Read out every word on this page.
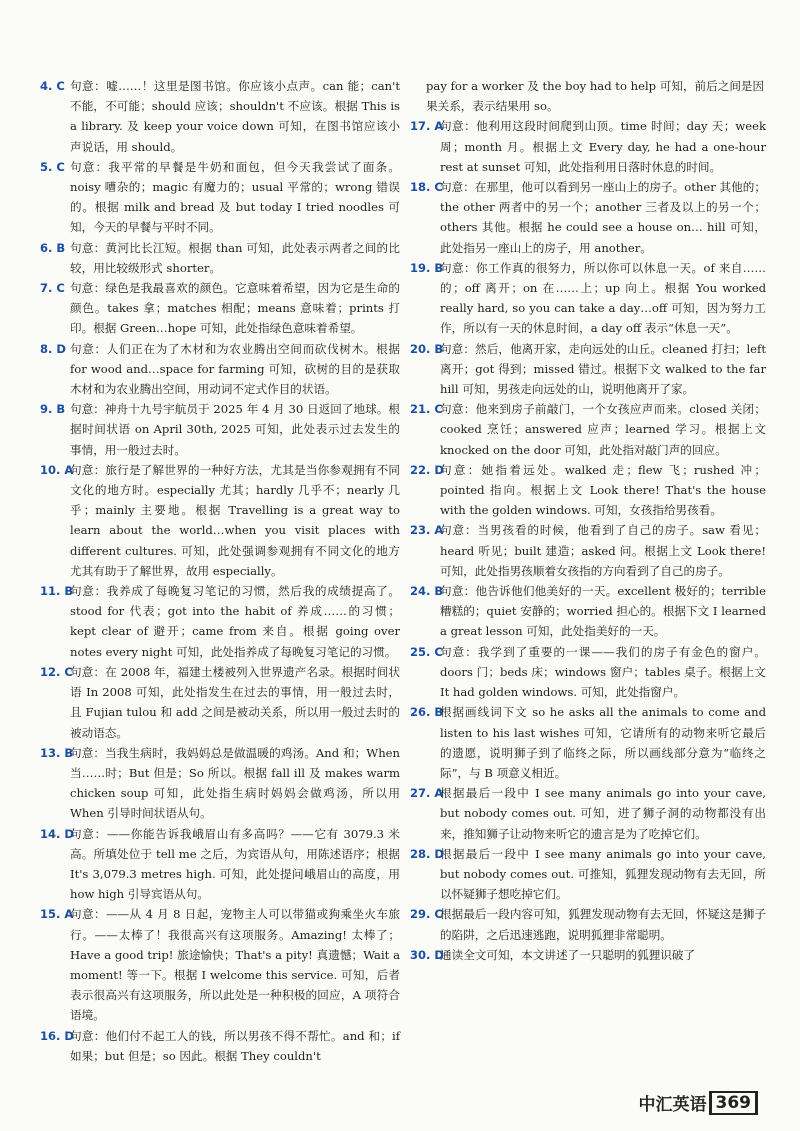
4. C 句意：嘘……！这里是图书馆。你应该小点声。can 能；can't 不能，不可能；should 应该；shouldn't 不应该。根据 This is a library. 及 keep your voice down 可知，在图书馆应该小声说话，用 should。
5. C 句意：我平常的早餐是牛奶和面包，但今天我尝试了面条。noisy 嘈杂的；magic 有魔力的；usual 平常的；wrong 错误的。根据 milk and bread 及 but today I tried noodles 可知，今天的早餐与平时不同。
6. B 句意：黄河比长江短。根据 than 可知，此处表示两者之间的比较，用比较级形式 shorter。
7. C 句意：绿色是我最喜欢的颜色。它意味着希望，因为它是生命的颜色。takes 拿；matches 相配；means 意味着；prints 打印。根据 Green…hope 可知，此处指绿色意味着希望。
8. D 句意：人们正在为了木材和为农业腾出空间而砍伐树木。根据 for wood and…space for farming 可知，砍树的目的是获取木材和为农业腾出空间，用动词不定式作目的状语。
9. B 句意：神舟十九号宇航员于 2025 年 4 月 30 日返回了地球。根据时间状语 on April 30th, 2025 可知，此处表示过去发生的事情，用一般过去时。
10. A
句意：旅行是了解世界的一种好方法，尤其是当你参观拥有不同文化的地方时。especially 尤其；hardly 几乎不；nearly 几乎；mainly 主要地。根据 Travelling is a great way to learn about the world…when you visit places with different cultures. 可知，此处强调参观拥有不同文化的地方尤其有助于了解世界，故用 especially。
11. B
句意：我养成了每晚复习笔记的习惯，然后我的成绩提高了。stood for 代表；got into the habit of 养成……的习惯；kept clear of 避开；came from 来自。根据 going over notes every night 可知，此处指养成了每晚复习笔记的习惯。
12. C
句意：在 2008 年，福建土楼被列入世界遗产名录。根据时间状语 In 2008 可知，此处指发生在过去的事情，用一般过去时，且 Fujian tulou 和 add 之间是被动关系，所以用一般过去时的被动语态。
13. B
句意：当我生病时，我妈妈总是做温暖的鸡汤。And 和；When 当……时；But 但是；So 所以。根据 fall ill 及 makes warm chicken soup 可知，此处指生病时妈妈会做鸡汤，所以用 When 引导时间状语从句。
14. D
句意：——你能告诉我峨眉山有多高吗？——它有 3079.3 米高。所填处位于 tell me 之后，为宾语从句，用陈述语序；根据 It's 3,079.3 metres high. 可知，此处提问峨眉山的高度，用 how high 引导宾语从句。
15. A
句意：——从 4 月 8 日起，宠物主人可以带猫或狗乘坐火车旅行。——太棒了！我很高兴有这项服务。Amazing! 太棒了；Have a good trip! 旅途愉快；That's a pity! 真遗憾；Wait a moment! 等一下。根据 I welcome this service. 可知，后者表示很高兴有这项服务，所以此处是一种积极的回应，A 项符合语境。
16. D
句意：他们付不起工人的钱，所以男孩不得不帮忙。and 和；if 如果；but 但是；so 因此。根据 They couldn't
pay for a worker 及 the boy had to help 可知，前后之间是因果关系，表示结果用 so。
17. A
句意：他利用这段时间爬到山顶。time 时间；day 天；week 周；month 月。根据上文 Every day, he had a one-hour rest at sunset 可知，此处指利用日落时休息的时间。
18. C
句意：在那里，他可以看到另一座山上的房子。other 其他的；the other 两者中的另一个；another 三者及以上的另一个；others 其他。根据 he could see a house on… hill 可知，此处指另一座山上的房子，用 another。
19. B
句意：你工作真的很努力，所以你可以休息一天。of 来自……的；off 离开；on 在……上；up 向上。根据 You worked really hard, so you can take a day…off 可知，因为努力工作，所以有一天的休息时间，a day off 表示“休息一天”。
20. B
句意：然后，他离开家，走向远处的山丘。cleaned 打扫；left 离开；got 得到；missed 错过。根据下文 walked to the far hill 可知，男孩走向远处的山，说明他离开了家。
21. C
句意：他来到房子前敲门，一个女孩应声而来。closed 关闭；cooked 烹饪；answered 应声；learned 学习。根据上文 knocked on the door 可知，此处指对敲门声的回应。
22. D
句意：她指着远处。walked 走；flew 飞；rushed 冲；pointed 指向。根据上文 Look there! That's the house with the golden windows. 可知，女孩指给男孩看。
23. A
句意：当男孩看的时候，他看到了自己的房子。saw 看见；heard 听见；built 建造；asked 问。根据上文 Look there! 可知，此处指男孩顺着女孩指的方向看到了自己的房子。
24. B
句意：他告诉他们他美好的一天。excellent 极好的；terrible 糟糕的；quiet 安静的；worried 担心的。根据下文 I learned a great lesson 可知，此处指美好的一天。
25. C
句意：我学到了重要的一课——我们的房子有金色的窗户。doors 门；beds 床；windows 窗户；tables 桌子。根据上文 It had golden windows. 可知，此处指窗户。
26. B
根据画线词下文 so he asks all the animals to come and listen to his last wishes 可知，它请所有的动物来听它最后的遗愿，说明狮子到了临终之际，所以画线部分意为“临终之际”，与 B 项意义相近。
27. A
根据最后一段中 I see many animals go into your cave, but nobody comes out. 可知，进了狮子洞的动物都没有出来，推知狮子让动物来听它的遗言是为了吃掉它们。
28. D
根据最后一段中 I see many animals go into your cave, but nobody comes out. 可推知，狐狸发现动物有去无回，所以怀疑狮子想吃掉它们。
29. C
根据最后一段内容可知，狐狸发现动物有去无回，怀疑这是狮子的陷阱，之后迅速逃跑，说明狐狸非常聪明。
30. D
通读全文可知，本文讲述了一只聪明的狐狸识破了
中汇英语 369
